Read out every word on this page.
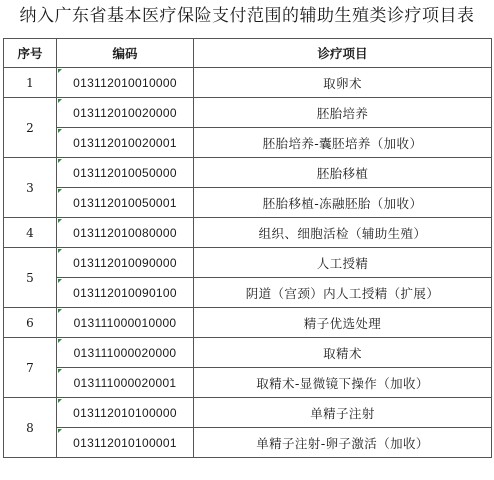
纳入广东省基本医疗保险支付范围的辅助生殖类诊疗项目表
序号	编码	诊疗项目
1	013112010010000	取卵术
2	013112010020000	胚胎培养
	013112010020001	胚胎培养-囊胚培养（加收）
3	013112010050000	胚胎移植
	013112010050001	胚胎移植-冻融胚胎（加收）
4	013112010080000	组织、细胞活检（辅助生殖）
5	013112010090000	人工授精
	013112010090100	阴道（宫颈）内人工授精（扩展）
6	013111000010000	精子优选处理
7	013111000020000	取精术
	013111000020001	取精术-显微镜下操作（加收）
8	013112010100000	单精子注射
	013112010100001	单精子注射-卵子激活（加收）
